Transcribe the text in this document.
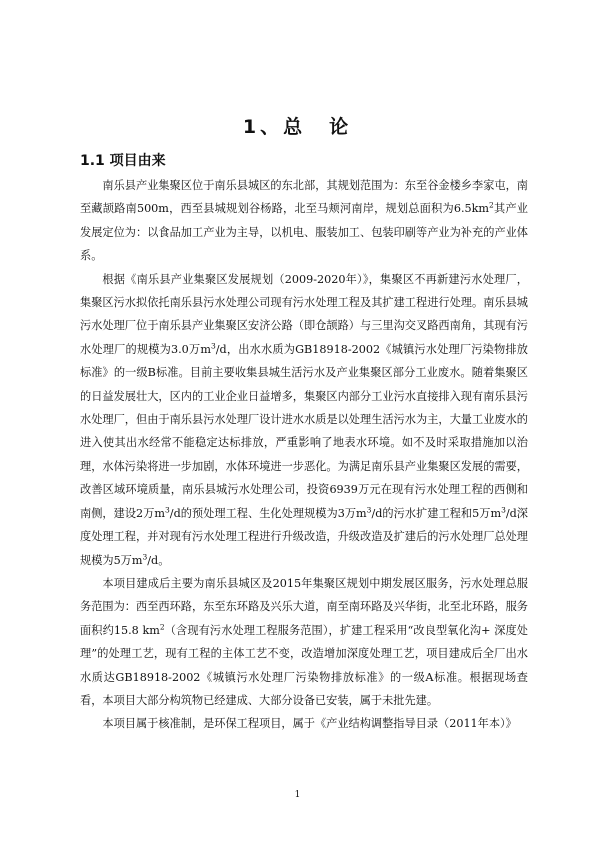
1、总　论
1.1 项目由来

南乐县产业集聚区位于南乐县城区的东北部，其规划范围为：东至谷金楼乡李家屯，南至藏颉路南500m，西至县城规划谷杨路，北至马颊河南岸，规划总面积为$6.5km^2$其产业发展定位为：以食品加工产业为主导，以机电、服装加工、包装印刷等产业为补充的产业体系。

根据《南乐县产业集聚区发展规划（2009-2020年）》，集聚区不再新建污水处理厂，集聚区污水拟依托南乐县污水处理公司现有污水处理工程及其扩建工程进行处理。南乐县城污水处理厂位于南乐县产业集聚区安济公路（即仓颉路）与三里沟交叉路西南角，其现有污水处理厂的规模为3.0万$m^3/d$，出水水质为GB18918-2002《城镇污水处理厂污染物排放标准》的一级B标准。目前主要收集县城生活污水及产业集聚区部分工业废水。随着集聚区的日益发展壮大，区内的工业企业日益增多，集聚区内部分工业污水直接排入现有南乐县污水处理厂，但由于南乐县污水处理厂设计进水水质是以处理生活污水为主，大量工业废水的进入使其出水经常不能稳定达标排放，严重影响了地表水环境。如不及时采取措施加以治理，水体污染将进一步加剧，水体环境进一步恶化。为满足南乐县产业集聚区发展的需要，改善区域环境质量，南乐县城污水处理公司，投资6939万元在现有污水处理工程的西侧和南侧，建设2万$m^3/d$的预处理工程、生化处理规模为3万$m^3/d$的污水扩建工程和5万$m^3/d$深度处理工程，并对现有污水处理工程进行升级改造，升级改造及扩建后的污水处理厂总处理规模为5万$m^3/d$。

本项目建成后主要为南乐县城区及2015年集聚区规划中期发展区服务，污水处理总服务范围为：西至西环路，东至东环路及兴乐大道，南至南环路及兴华街，北至北环路，服务面积约15.8 $km^2$（含现有污水处理工程服务范围），扩建工程采用“改良型氧化沟+ 深度处理”的处理工艺，现有工程的主体工艺不变，改造增加深度处理工艺，项目建成后全厂出水水质达GB18918-2002《城镇污水处理厂污染物排放标准》的一级A标准。根据现场查看，本项目大部分构筑物已经建成、大部分设备已安装，属于未批先建。

本项目属于核准制，是环保工程项目，属于《产业结构调整指导目录（2011年本）》

1
